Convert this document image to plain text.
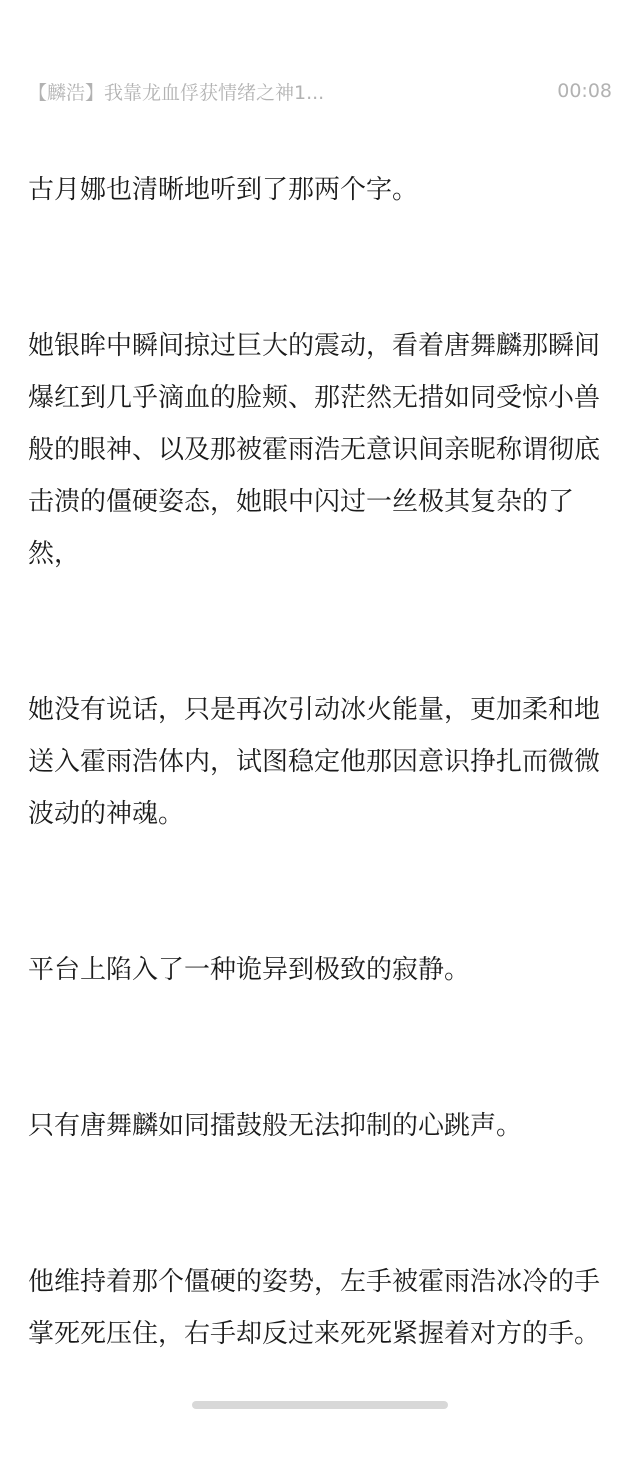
【麟浩】我靠龙血俘获情绪之神1...	00:08

古月娜也清晰地听到了那两个字。

她银眸中瞬间掠过巨大的震动，看着唐舞麟那瞬间爆红到几乎滴血的脸颊、那茫然无措如同受惊小兽般的眼神、以及那被霍雨浩无意识间亲昵称谓彻底击溃的僵硬姿态，她眼中闪过一丝极其复杂的了然，

她没有说话，只是再次引动冰火能量，更加柔和地送入霍雨浩体内，试图稳定他那因意识挣扎而微微波动的神魂。

平台上陷入了一种诡异到极致的寂静。

只有唐舞麟如同擂鼓般无法抑制的心跳声。

他维持着那个僵硬的姿势，左手被霍雨浩冰冷的手掌死死压住，右手却反过来死死紧握着对方的手。
